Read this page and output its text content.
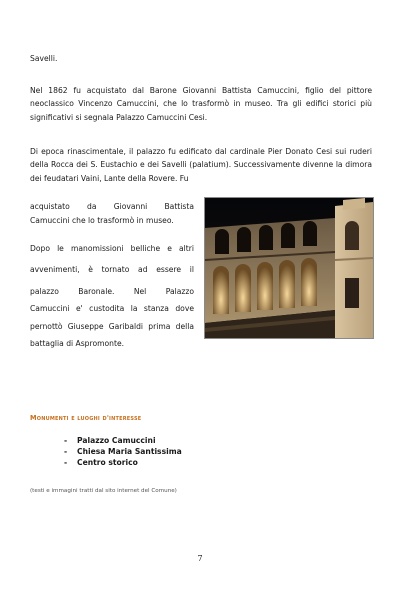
Savelli.

Nel 1862 fu acquistato dal Barone Giovanni Battista Camuccini, figlio del pittore neoclassico Vincenzo Camuccini, che lo trasformò in museo. Tra gli edifici storici più significativi si segnala Palazzo Camuccini Cesi.

Di epoca rinascimentale, il palazzo fu edificato dal cardinale Pier Donato Cesi sui ruderi della Rocca dei S. Eustachio e dei Savelli (palatium). Successivamente divenne la dimora dei feudatari Vaini, Lante della Rovere. Fu

acquistato da Giovanni Battista

Camuccini che lo trasformò in museo.

Dopo le manomissioni belliche e altri
avvenimenti, è tornato ad essere il
palazzo Baronale. Nel Palazzo
Camuccini e' custodita la stanza dove
pernottò Giuseppe Garibaldi prima della
battaglia di Aspromonte.

Monumenti e luoghi d'interesse

- Palazzo Camuccini
- Chiesa Maria Santissima
- Centro storico

(testi e immagini tratti dal sito internet del Comune)

7
